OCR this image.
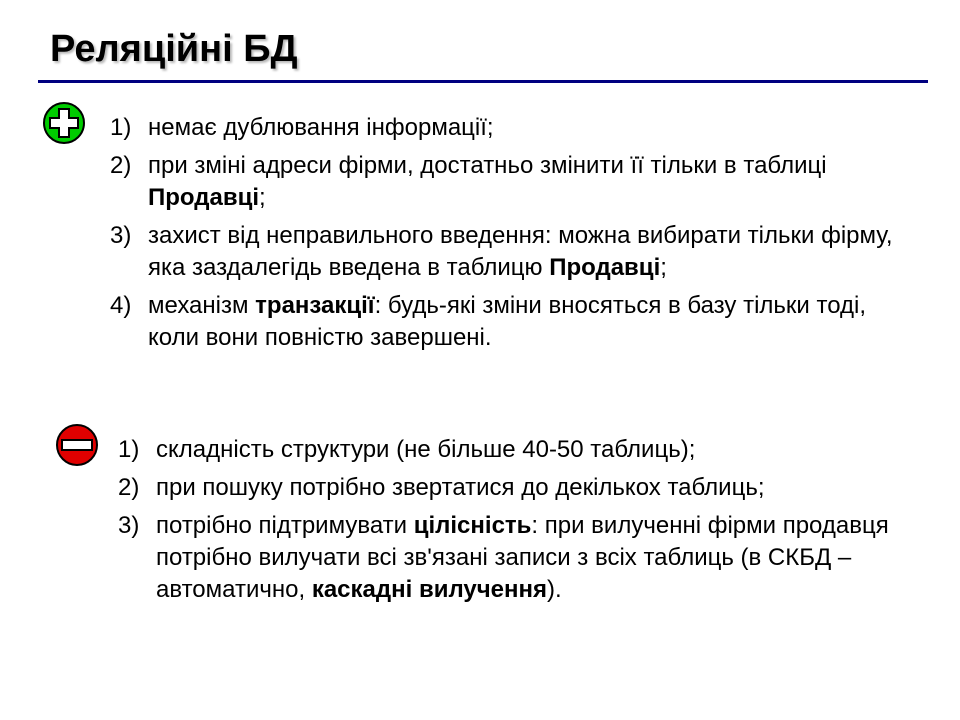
Реляційні БД
1) немає дублювання інформації;
2) при зміні адреси фірми, достатньо змінити її тільки в таблиці Продавці;
3) захист від неправильного введення: можна вибирати тільки фірму, яка заздалегідь введена в таблицю Продавці;
4) механізм транзакції: будь-які зміни вносяться в базу тільки тоді, коли вони повністю завершені.
1) складність структури (не більше 40-50 таблиць);
2) при пошуку потрібно звертатися до декількох таблиць;
3) потрібно підтримувати цілісність: при вилученні фірми продавця потрібно вилучати всі зв'язані записи з всіх таблиць (в СКБД – автоматично, каскадні вилучення).
